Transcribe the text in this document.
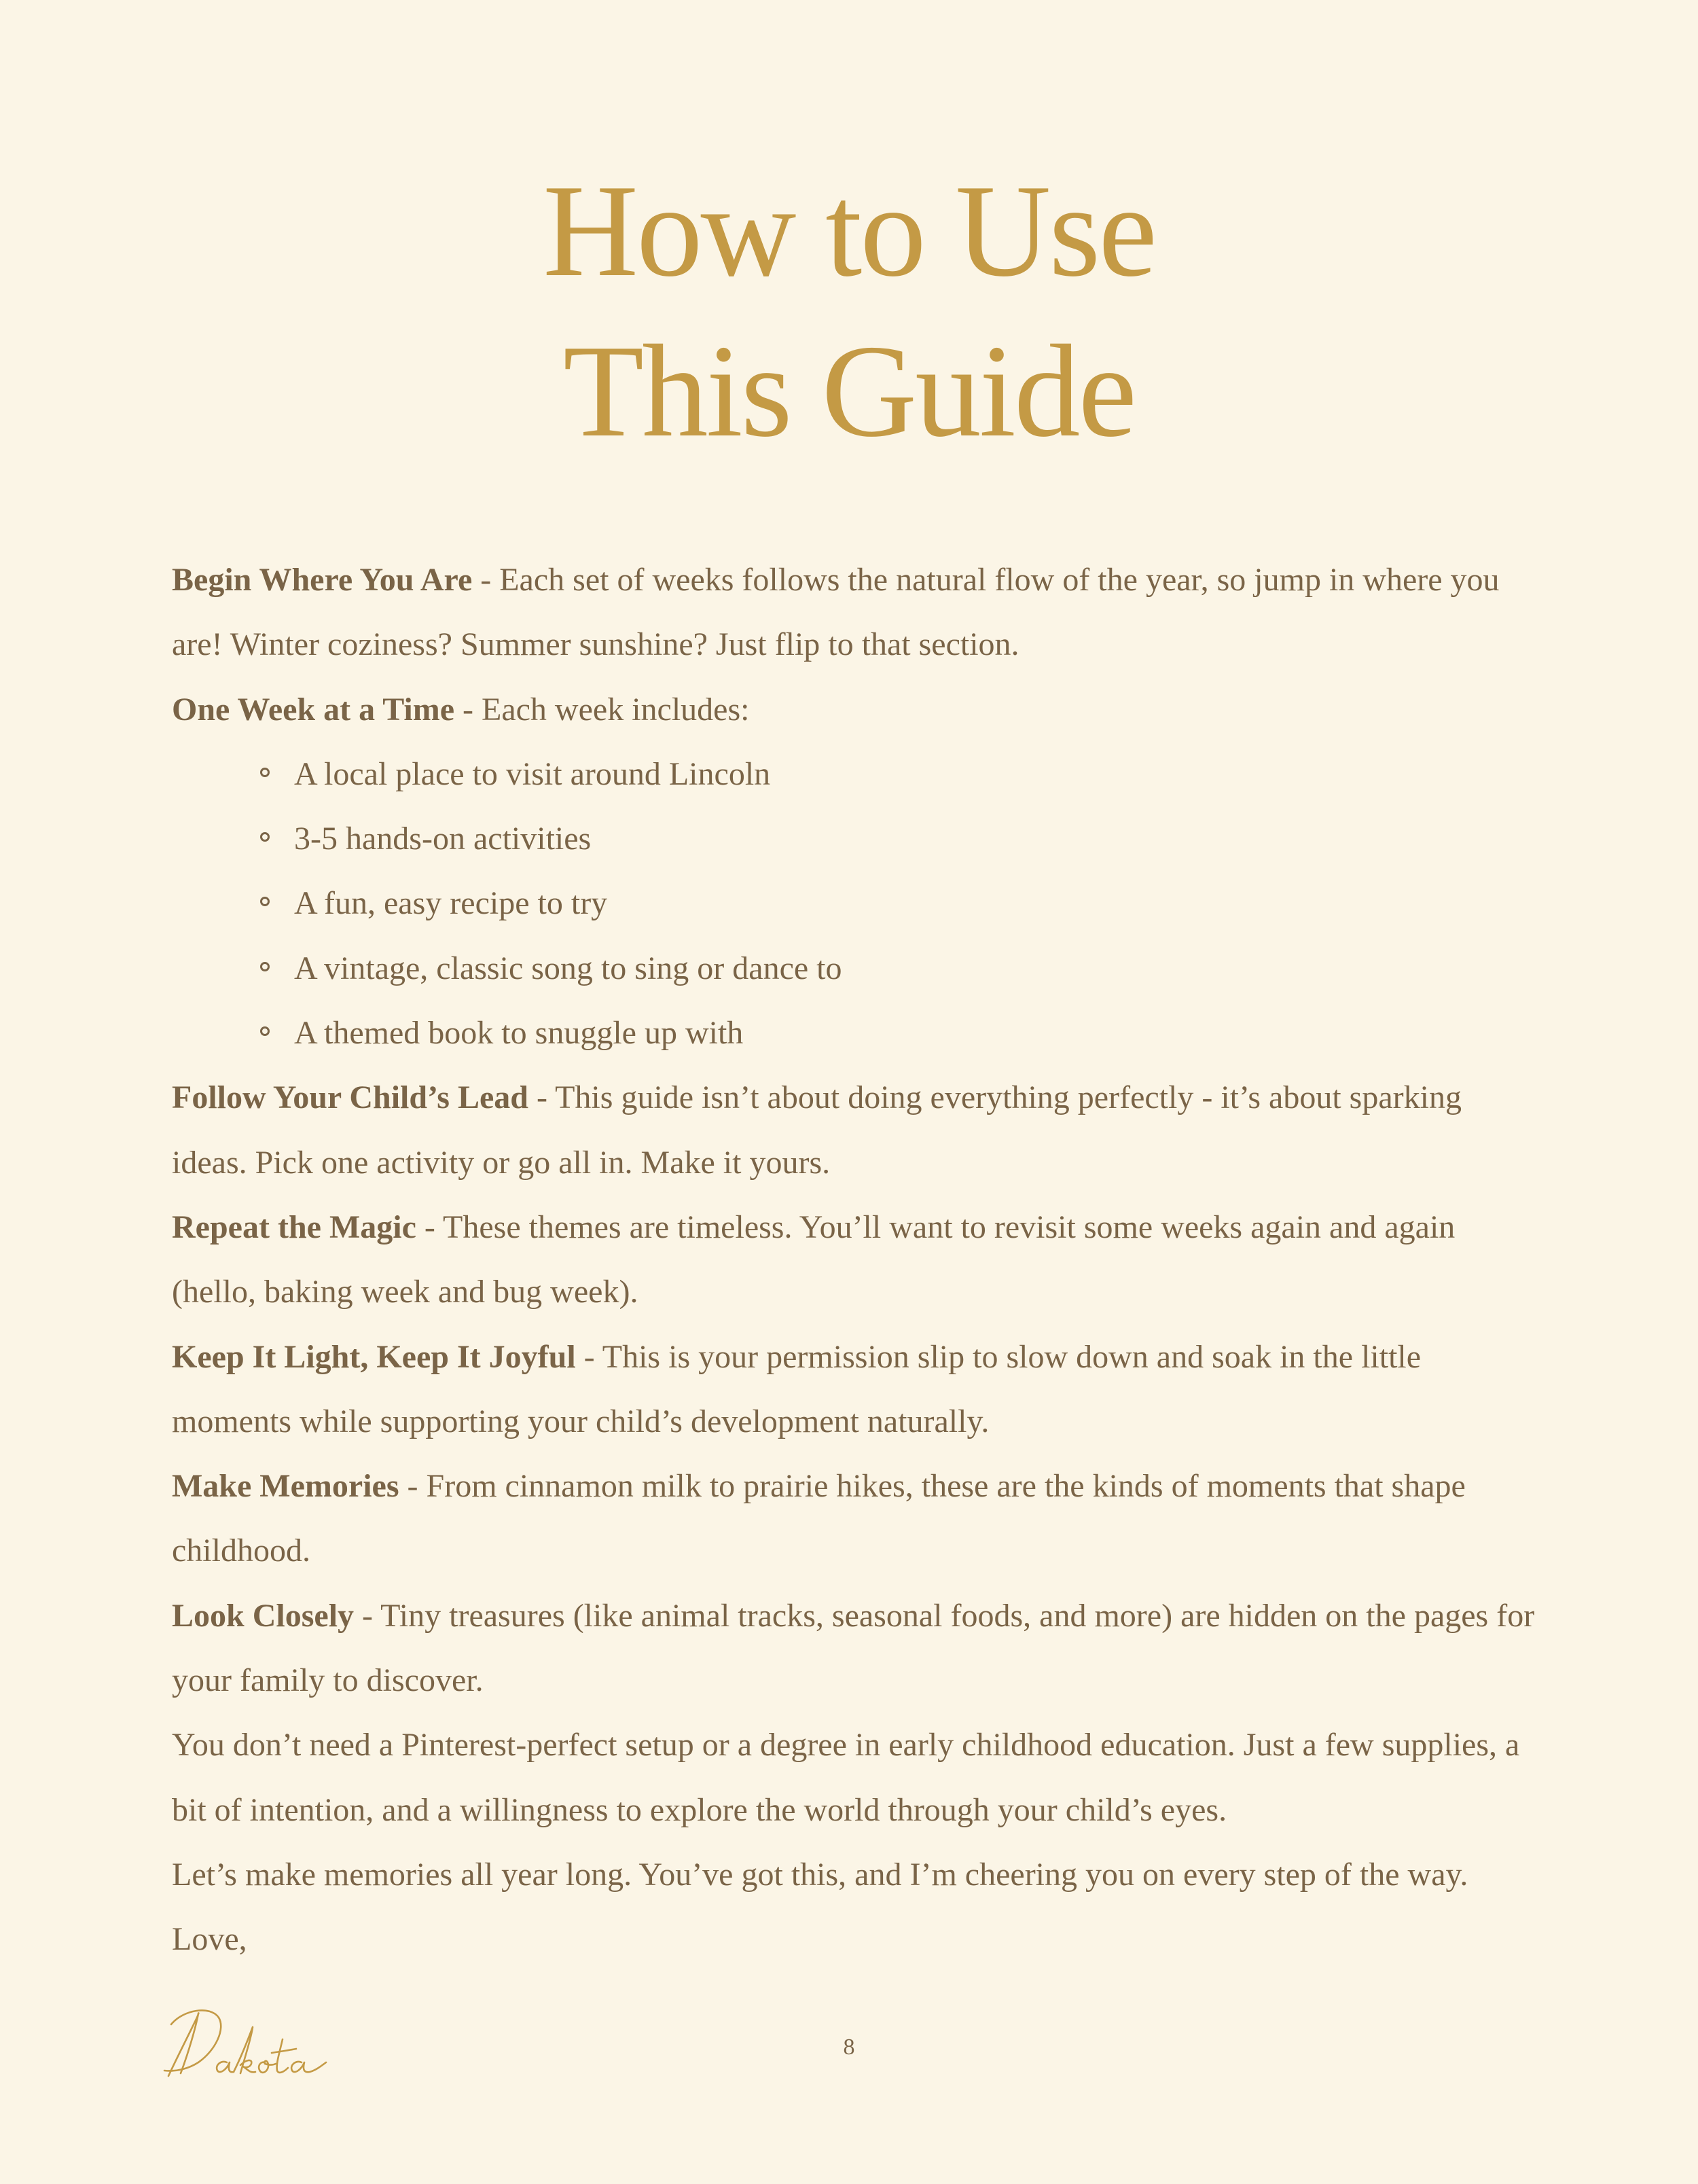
How to Use
This Guide

Begin Where You Are - Each set of weeks follows the natural flow of the year, so jump in where you are! Winter coziness? Summer sunshine? Just flip to that section.

One Week at a Time - Each week includes:

A local place to visit around Lincoln
3-5 hands-on activities
A fun, easy recipe to try
A vintage, classic song to sing or dance to
A themed book to snuggle up with

Follow Your Child’s Lead - This guide isn’t about doing everything perfectly - it’s about sparking ideas. Pick one activity or go all in. Make it yours.

Repeat the Magic - These themes are timeless. You’ll want to revisit some weeks again and again (hello, baking week and bug week).

Keep It Light, Keep It Joyful - This is your permission slip to slow down and soak in the little moments while supporting your child’s development naturally.

Make Memories - From cinnamon milk to prairie hikes, these are the kinds of moments that shape childhood.

Look Closely - Tiny treasures (like animal tracks, seasonal foods, and more) are hidden on the pages for your family to discover.

You don’t need a Pinterest-perfect setup or a degree in early childhood education. Just a few supplies, a bit of intention, and a willingness to explore the world through your child’s eyes.

Let’s make memories all year long. You’ve got this, and I’m cheering you on every step of the way.

Love,

8
